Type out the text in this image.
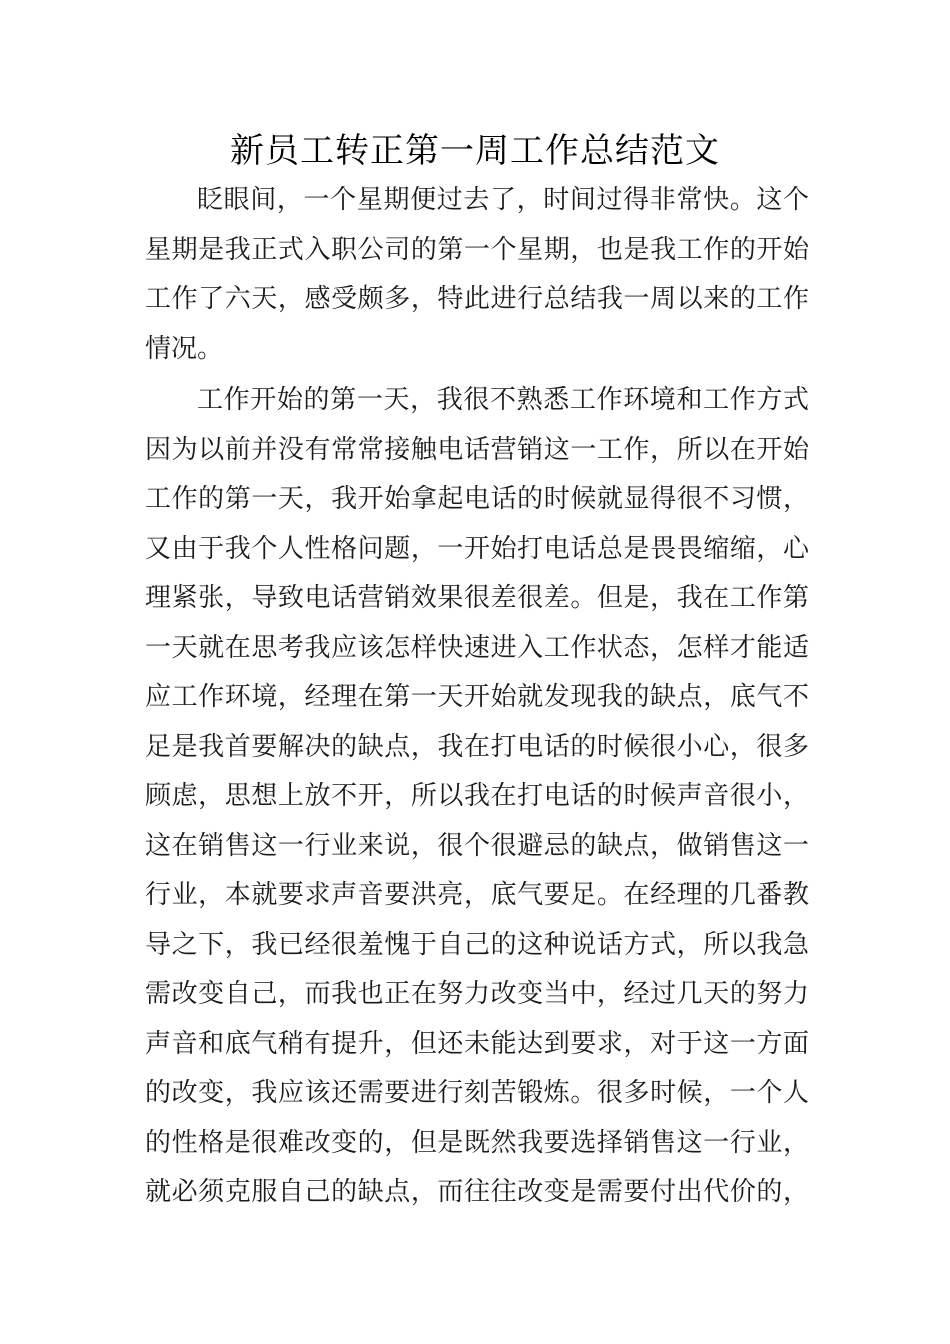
新员工转正第一周工作总结范文
眨眼间，一个星期便过去了，时间过得非常快。这个
星期是我正式入职公司的第一个星期，也是我工作的开始
工作了六天，感受颇多，特此进行总结我一周以来的工作
情况。
工作开始的第一天，我很不熟悉工作环境和工作方式
因为以前并没有常常接触电话营销这一工作，所以在开始
工作的第一天，我开始拿起电话的时候就显得很不习惯，
又由于我个人性格问题，一开始打电话总是畏畏缩缩，心
理紧张，导致电话营销效果很差很差。但是，我在工作第
一天就在思考我应该怎样快速进入工作状态，怎样才能适
应工作环境，经理在第一天开始就发现我的缺点，底气不
足是我首要解决的缺点，我在打电话的时候很小心，很多
顾虑，思想上放不开，所以我在打电话的时候声音很小，
这在销售这一行业来说，很个很避忌的缺点，做销售这一
行业，本就要求声音要洪亮，底气要足。在经理的几番教
导之下，我已经很羞愧于自己的这种说话方式，所以我急
需改变自己，而我也正在努力改变当中，经过几天的努力
声音和底气稍有提升，但还未能达到要求，对于这一方面
的改变，我应该还需要进行刻苦锻炼。很多时候，一个人
的性格是很难改变的，但是既然我要选择销售这一行业，
就必须克服自己的缺点，而往往改变是需要付出代价的，
